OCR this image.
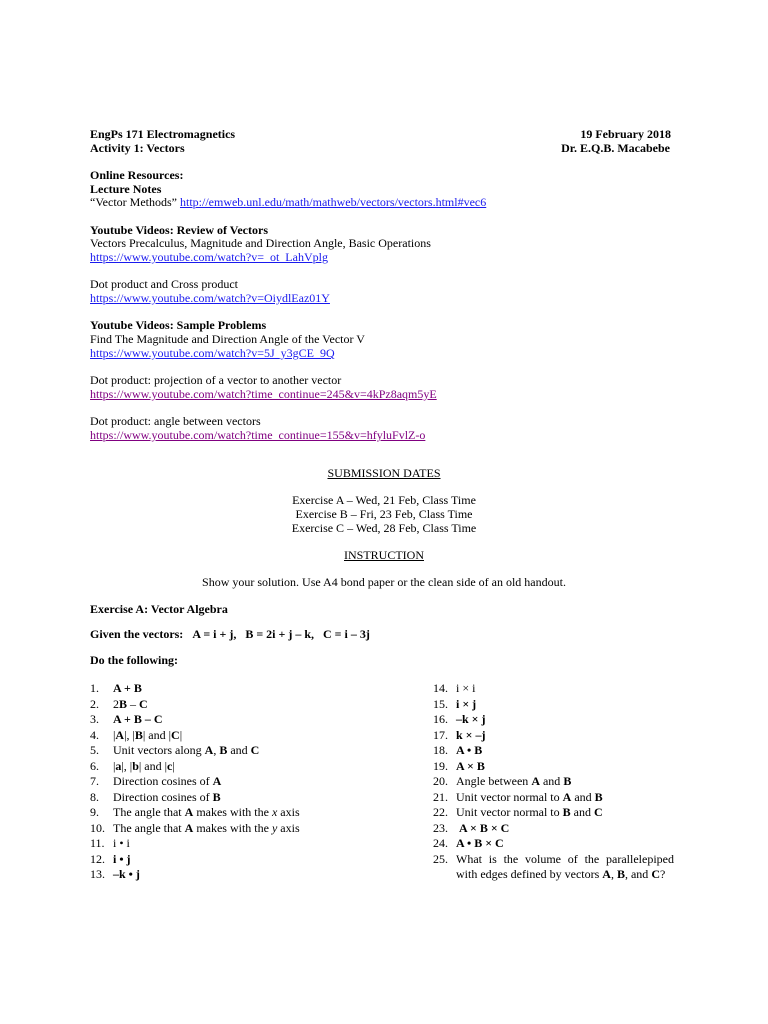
EngPs 171 Electromagnetics
Activity 1: Vectors
19 February 2018
Dr. E.Q.B. Macabebe
Online Resources:
Lecture Notes
“Vector Methods” http://emweb.unl.edu/math/mathweb/vectors/vectors.html#vec6
Youtube Videos: Review of Vectors
Vectors Precalculus, Magnitude and Direction Angle, Basic Operations
https://www.youtube.com/watch?v=_ot_LahVplg
Dot product and Cross product
https://www.youtube.com/watch?v=OiydlEaz01Y
Youtube Videos: Sample Problems
Find The Magnitude and Direction Angle of the Vector V
https://www.youtube.com/watch?v=5J_y3gCE_9Q
Dot product: projection of a vector to another vector
https://www.youtube.com/watch?time_continue=245&v=4kPz8aqm5yE
Dot product: angle between vectors
https://www.youtube.com/watch?time_continue=155&v=hfyluFvlZ-o
SUBMISSION DATES
Exercise A – Wed, 21 Feb, Class Time
Exercise B – Fri, 23 Feb, Class Time
Exercise C – Wed, 28 Feb, Class Time
INSTRUCTION
Show your solution. Use A4 bond paper or the clean side of an old handout.
Exercise A: Vector Algebra
Given the vectors: A = i + j,   B = 2i + j – k,   C = i – 3j
Do the following:
1. A + B
2. 2B – C
3. A + B – C
4. |A|, |B| and |C|
5. Unit vectors along A, B and C
6. |a|, |b| and |c|
7. Direction cosines of A
8. Direction cosines of B
9. The angle that A makes with the x axis
10. The angle that A makes with the y axis
11. i • i
12. i • j
13. –k • j
14. i × i
15. i × j
16. –k × j
17. k × –j
18. A • B
19. A × B
20. Angle between A and B
21. Unit vector normal to A and B
22. Unit vector normal to B and C
23. A × B × C
24. A • B × C
25. What is the volume of the parallelepiped
with edges defined by vectors A, B, and C?
